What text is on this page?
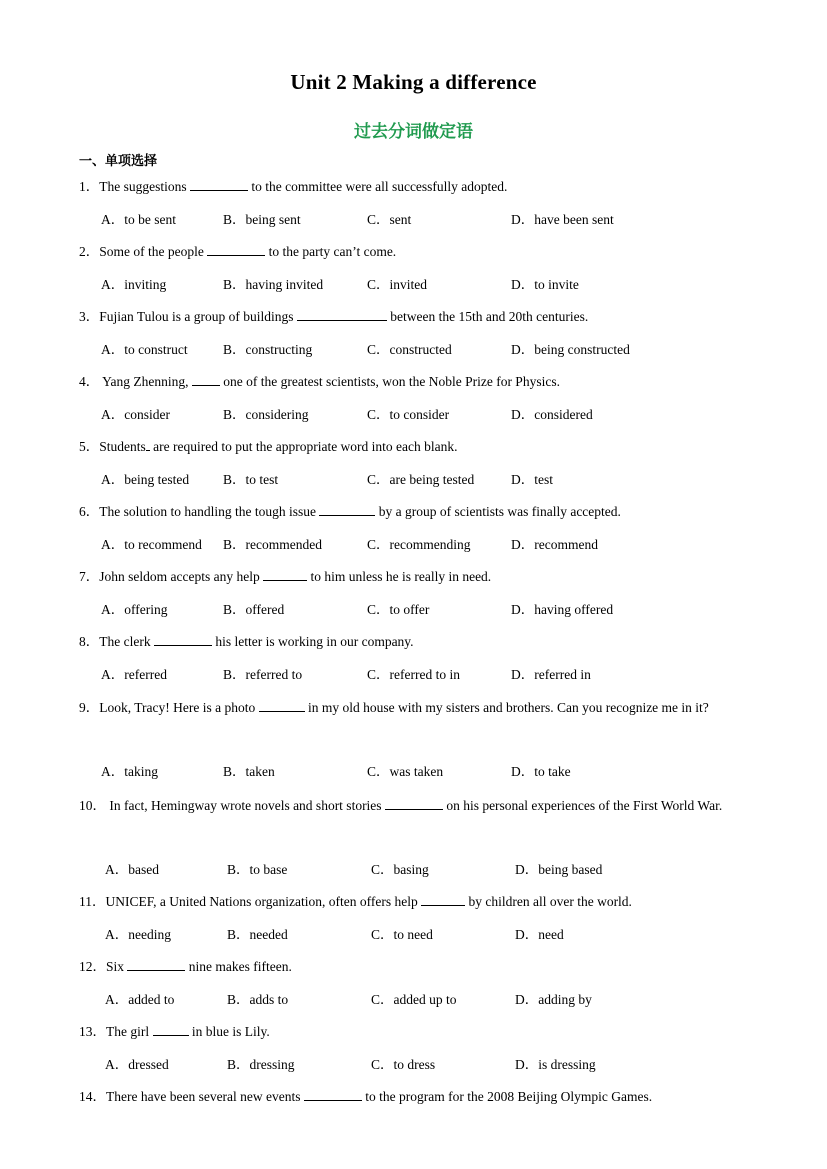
Unit 2 Making a difference
过去分词做定语
一、单项选择
1．The suggestions	to the committee were all successfully adopted.
A．to be sent	B．being sent	C．sent	D．have been sent
2．Some of the people	to the party can’t come.
A．inviting	B．having invited	C．invited	D．to invite
3．Fujian Tulou is a group of buildings	between the 15th and 20th centuries.
A．to construct	B．constructing	C．constructed	D．being constructed
4． Yang Zhenning,  one of the greatest scientists, won the Noble Prize for Physics.
A．consider	B．considering	C．to consider	D．considered
5．Students are required to put the appropriate word into each blank.
A．being tested	B．to test	C．are being tested	D．test
6．The solution to handling the tough issue	by a group of scientists was finally accepted.
A．to recommend B．recommended	C．recommending	D．recommend
7．John seldom accepts any help	to him unless he is really in need.
A．offering	B．offered	C．to offer	D．having offered
8．The clerk	his letter is working in our company.
A．referred	B．referred to	C．referred to in	D．referred in
9．Look, Tracy! Here is a photo	in my old house with my sisters and brothers. Can you recognize me in it?
A．taking	B．taken	C．was taken	D．to take
10． In fact, Hemingway wrote novels and short stories	on his personal experiences of the First World War.
A．based	B．to base	C．basing	D．being based
11．UNICEF, a United Nations organization, often offers help	by children all over the world.
A．needing	B．needed	C．to need	D．need
12．Six	nine makes fifteen.
A．added to	B．adds to	C．added up to	D．adding by
13．The girl	in blue is Lily.
A．dressed	B．dressing	C．to dress	D．is dressing
14．There have been several new events	to the program for the 2008 Beijing Olympic Games.
